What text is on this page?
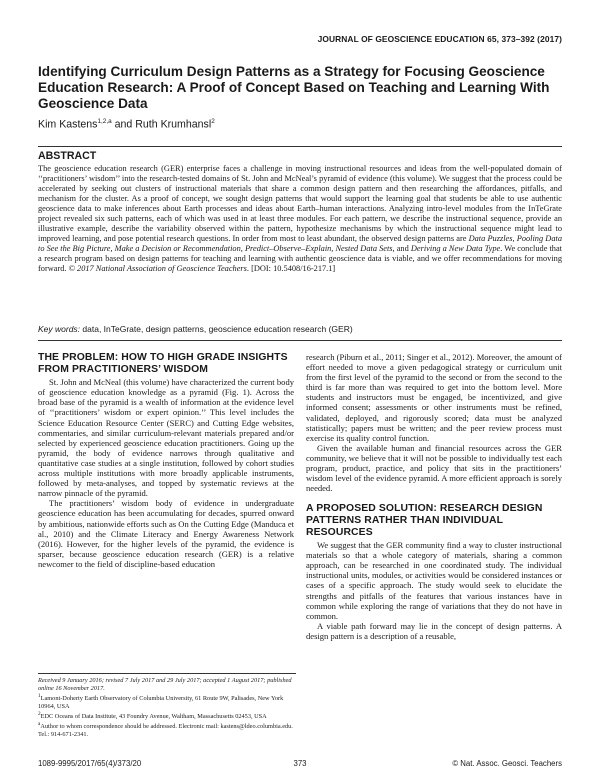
JOURNAL OF GEOSCIENCE EDUCATION 65, 373–392 (2017)
Identifying Curriculum Design Patterns as a Strategy for Focusing Geoscience Education Research: A Proof of Concept Based on Teaching and Learning With Geoscience Data
Kim Kastens$^{1,2,a}$ and Ruth Krumhansl$^2$
ABSTRACT

The geoscience education research (GER) enterprise faces a challenge in moving instructional resources and ideas from the well-populated domain of ‘‘practitioners’ wisdom’’ into the research-tested domains of St. John and McNeal’s pyramid of evidence (this volume). We suggest that the process could be accelerated by seeking out clusters of instructional materials that share a common design pattern and then researching the affordances, pitfalls, and mechanism for the cluster. As a proof of concept, we sought design patterns that would support the learning goal that students be able to use authentic geoscience data to make inferences about Earth processes and ideas about Earth–human interactions. Analyzing intro-level modules from the InTeGrate project revealed six such patterns, each of which was used in at least three modules. For each pattern, we describe the instructional sequence, provide an illustrative example, describe the variability observed within the pattern, hypothesize mechanisms by which the instructional sequence might lead to improved learning, and pose potential research questions. In order from most to least abundant, the observed design patterns are Data Puzzles, Pooling Data to See the Big Picture, Make a Decision or Recommendation, Predict–Observe–Explain, Nested Data Sets, and Deriving a New Data Type. We conclude that a research program based on design patterns for teaching and learning with authentic geoscience data is viable, and we offer recommendations for moving forward. © 2017 National Association of Geoscience Teachers. [DOI: 10.5408/16-217.1]

Key words: data, InTeGrate, design patterns, geoscience education research (GER)

THE PROBLEM: HOW TO HIGH GRADE INSIGHTS FROM PRACTITIONERS’ WISDOM

St. John and McNeal (this volume) have characterized the current body of geoscience education knowledge as a pyramid (Fig. 1). Across the broad base of the pyramid is a wealth of information at the evidence level of ‘‘practitioners’ wisdom or expert opinion.’’ This level includes the Science Education Resource Center (SERC) and Cutting Edge websites, commentaries, and similar curriculum-relevant materials prepared and/or selected by experienced geoscience education practitioners. Going up the pyramid, the body of evidence narrows through qualitative and quantitative case studies at a single institution, followed by cohort studies across multiple institutions with more broadly applicable instruments, followed by meta-analyses, and topped by systematic reviews at the narrow pinnacle of the pyramid.

The practitioners’ wisdom body of evidence in undergraduate geoscience education has been accumulating for decades, spurred onward by ambitious, nationwide efforts such as On the Cutting Edge (Manduca et al., 2010) and the Climate Literacy and Energy Awareness Network (2016). However, for the higher levels of the pyramid, the evidence is sparser, because geoscience education research (GER) is a relative newcomer to the field of discipline-based education

research (Piburn et al., 2011; Singer et al., 2012). Moreover, the amount of effort needed to move a given pedagogical strategy or curriculum unit from the first level of the pyramid to the second or from the second to the third is far more than was required to get into the bottom level. More students and instructors must be engaged, be incentivized, and give informed consent; assessments or other instruments must be refined, validated, deployed, and rigorously scored; data must be analyzed statistically; papers must be written; and the peer review process must exercise its quality control function.

Given the available human and financial resources across the GER community, we believe that it will not be possible to individually test each program, product, practice, and policy that sits in the practitioners’ wisdom level of the evidence pyramid. A more efficient approach is sorely needed.

A PROPOSED SOLUTION: RESEARCH DESIGN PATTERNS RATHER THAN INDIVIDUAL RESOURCES

We suggest that the GER community find a way to cluster instructional materials so that a whole category of materials, sharing a common approach, can be researched in one coordinated study. The individual instructional units, modules, or activities would be considered instances or cases of a specific approach. The study would seek to elucidate the strengths and pitfalls of the features that various instances have in common while exploring the range of variations that they do not have in common.

A viable path forward may lie in the concept of design patterns. A design pattern is a description of a reusable,

Received 9 January 2016; revised 7 July 2017 and 29 July 2017; accepted 1 August 2017; published online 16 November 2017.

$^1$Lamont-Doherty Earth Observatory of Columbia University, 61 Route 9W, Palisades, New York 10964, USA

$^2$EDC Oceans of Data Institute, 43 Foundry Avenue, Waltham, Massachusetts 02453, USA

$^a$Author to whom correspondence should be addressed. Electronic mail: kastens@ldeo.columbia.edu. Tel.: 914-671-2341.

1089-9995/2017/65(4)/373/20	373	© Nat. Assoc. Geosci. Teachers
